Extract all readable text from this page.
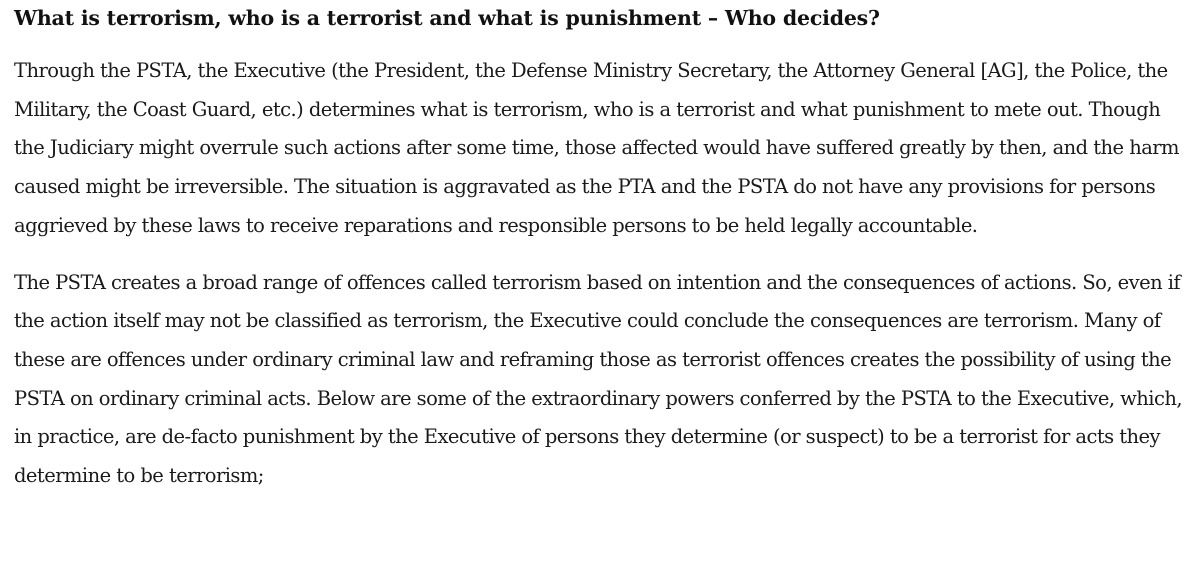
What is terrorism, who is a terrorist and what is punishment – Who decides?

Through the PSTA, the Executive (the President, the Defense Ministry Secretary, the Attorney General [AG], the Police, the Military, the Coast Guard, etc.) determines what is terrorism, who is a terrorist and what punishment to mete out. Though the Judiciary might overrule such actions after some time, those affected would have suffered greatly by then, and the harm caused might be irreversible. The situation is aggravated as the PTA and the PSTA do not have any provisions for persons aggrieved by these laws to receive reparations and responsible persons to be held legally accountable.

The PSTA creates a broad range of offences called terrorism based on intention and the consequences of actions. So, even if the action itself may not be classified as terrorism, the Executive could conclude the consequences are terrorism. Many of these are offences under ordinary criminal law and reframing those as terrorist offences creates the possibility of using the PSTA on ordinary criminal acts. Below are some of the extraordinary powers conferred by the PSTA to the Executive, which, in practice, are de-facto punishment by the Executive of persons they determine (or suspect) to be a terrorist for acts they determine to be terrorism;
